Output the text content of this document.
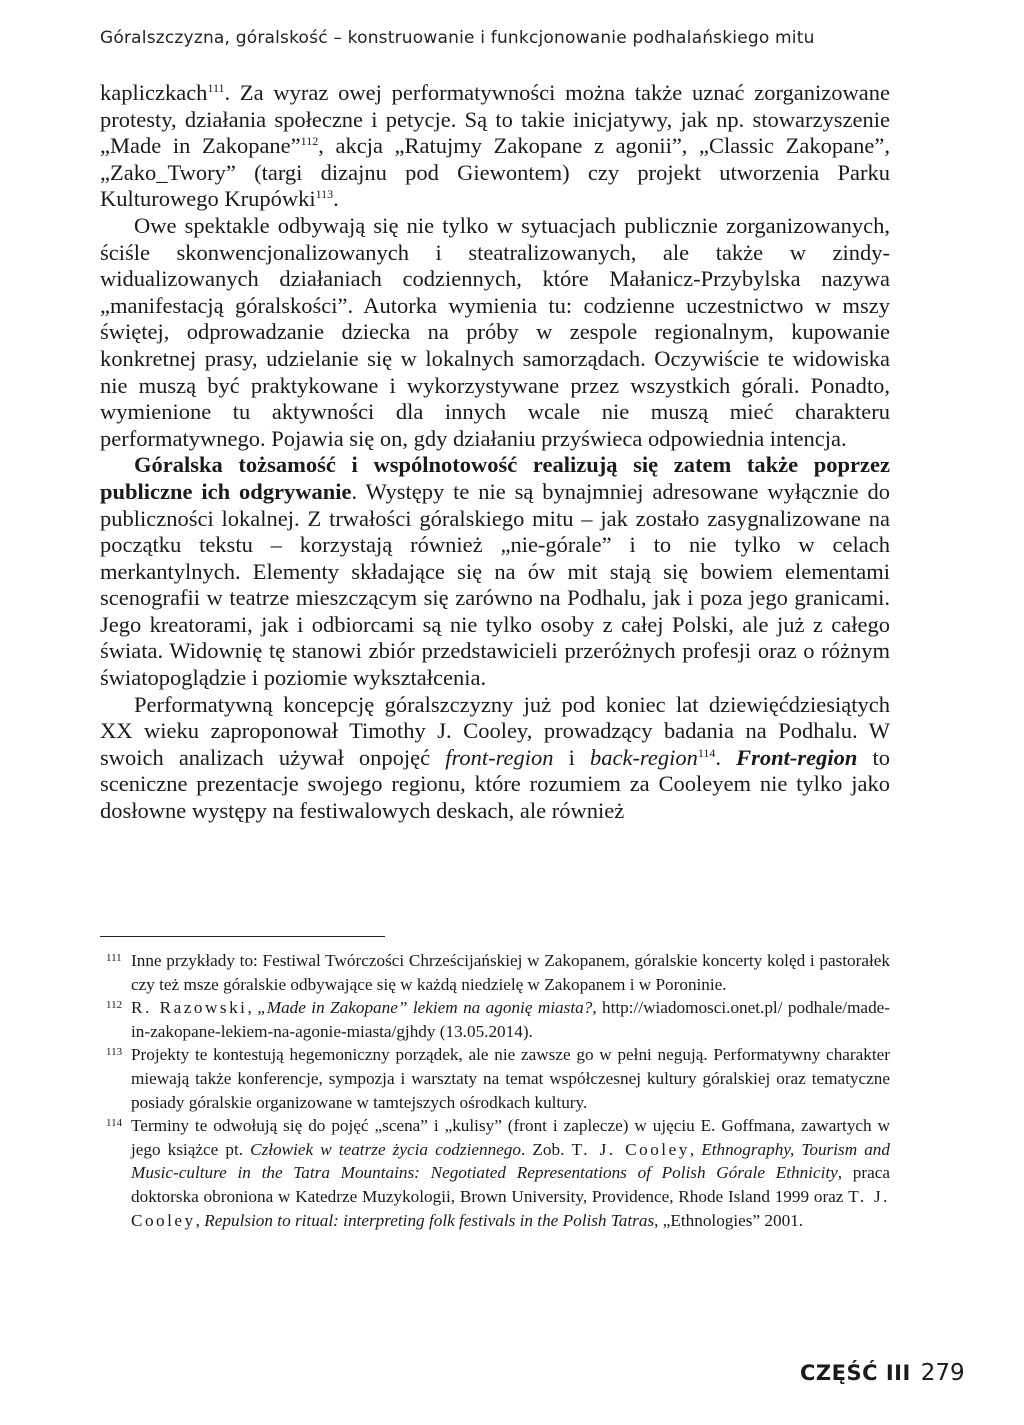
Góralszczyzna, góralskość – konstruowanie i funkcjonowanie podhalańskiego mitu

kapliczkach$^{111}$. Za wyraz owej performatywności można także uznać zorganizowane protesty, działania społeczne i petycje. Są to takie inicjatywy, jak np. stowarzyszenie „Made in Zakopane”$^{112}$, akcja „Ratujmy Zakopane z agonii”, „Classic Zakopane”, „Zako_Twory” (targi dizajnu pod Giewontem) czy projekt utworzenia Parku Kulturowego Krupówki$^{113}$.

Owe spektakle odbywają się nie tylko w sytuacjach publicznie zorganizowanych, ściśle skonwencjonalizowanych i steatralizowanych, ale także w zindywidualizowanych działaniach codziennych, które Małanicz-Przybylska nazywa „manifestacją góralskości”. Autorka wymienia tu: codzienne uczestnictwo w mszy świętej, odprowadzanie dziecka na próby w zespole regionalnym, kupowanie konkretnej prasy, udzielanie się w lokalnych samorządach. Oczywiście te widowiska nie muszą być praktykowane i wykorzystywane przez wszystkich górali. Ponadto, wymienione tu aktywności dla innych wcale nie muszą mieć charakteru performatywnego. Pojawia się on, gdy działaniu przyświeca odpowiednia intencja.

Góralska tożsamość i wspólnotowość realizują się zatem także poprzez publiczne ich odgrywanie. Występy te nie są bynajmniej adresowane wyłącznie do publiczności lokalnej. Z trwałości góralskiego mitu – jak zostało zasygnalizowane na początku tekstu – korzystają również „nie-górale” i to nie tylko w celach merkantylnych. Elementy składające się na ów mit stają się bowiem elementami scenografii w teatrze mieszczącym się zarówno na Podhalu, jak i poza jego granicami. Jego kreatorami, jak i odbiorcami są nie tylko osoby z całej Polski, ale już z całego świata. Widownię tę stanowi zbiór przedstawicieli przeróżnych profesji oraz o różnym światopoglądzie i poziomie wykształcenia.

Performatywną koncepcję góralszczyzny już pod koniec lat dziewięćdziesiątych XX wieku zaproponował Timothy J. Cooley, prowadzący badania na Podhalu. W swoich analizach używał onpojęć front-region i back-region$^{114}$. Front-region to sceniczne prezentacje swojego regionu, które rozumiem za Cooleyem nie tylko jako dosłowne występy na festiwalowych deskach, ale również

111 Inne przykłady to: Festiwal Twórczości Chrześcijańskiej w Zakopanem, góralskie koncerty kolęd i pastorałek czy też msze góralskie odbywające się w każdą niedzielę w Zakopanem i w Poroninie.
112 R. Razowski, „Made in Zakopane” lekiem na agonię miasta?, http://wiadomosci.onet.pl/ podhale/made-in-zakopane-lekiem-na-agonie-miasta/gjhdy (13.05.2014).
113 Projekty te kontestują hegemoniczny porządek, ale nie zawsze go w pełni negują. Performatywny charakter miewają także konferencje, sympozja i warsztaty na temat współczesnej kultury góralskiej oraz tematyczne posiady góralskie organizowane w tamtejszych ośrodkach kultury.
114 Terminy te odwołują się do pojęć „scena” i „kulisy” (front i zaplecze) w ujęciu E. Goffmana, zawartych w jego książce pt. Człowiek w teatrze życia codziennego. Zob. T. J. Cooley, Ethnography, Tourism and Music-culture in the Tatra Mountains: Negotiated Representations of Polish Górale Ethnicity, praca doktorska obroniona w Katedrze Muzykologii, Brown University, Providence, Rhode Island 1999 oraz T. J. Cooley, Repulsion to ritual: interpreting folk festivals in the Polish Tatras, „Ethnologies” 2001.
CZĘŚĆ III 279
